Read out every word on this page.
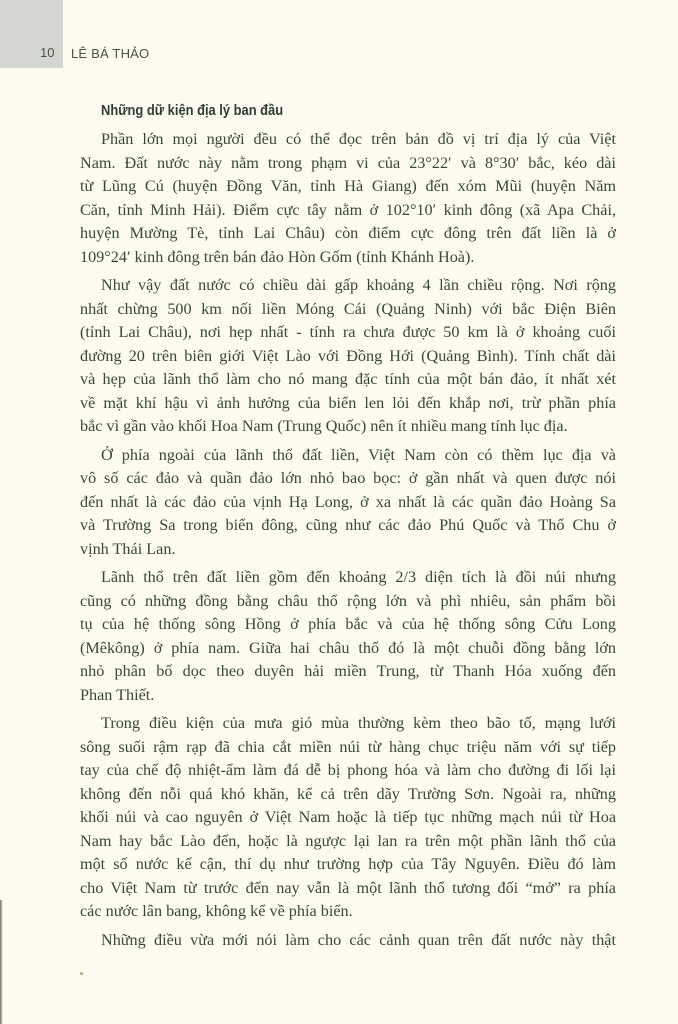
10	LÊ BÁ THẢO
Những dữ kiện địa lý ban đầu
Phần lớn mọi người đều có thể đọc trên bản đồ vị trí địa lý của Việt
Nam. Đất nước này nằm trong phạm vi của 23°22′ và 8°30′ bắc, kéo dài
từ Lũng Cú (huyện Đồng Văn, tỉnh Hà Giang) đến xóm Mũi (huyện Năm
Căn, tỉnh Minh Hải). Điểm cực tây nằm ở 102°10′ kinh đông (xã Apa Chải,
huyện Mường Tè, tỉnh Lai Châu) còn điểm cực đông trên đất liền là ở
109°24′ kinh đông trên bán đảo Hòn Gốm (tỉnh Khánh Hoà).
Như vậy đất nước có chiều dài gấp khoảng 4 lần chiều rộng. Nơi rộng
nhất chừng 500 km nối liền Móng Cái (Quảng Ninh) với bắc Điện Biên
(tỉnh Lai Châu), nơi hẹp nhất - tính ra chưa được 50 km là ở khoảng cuối
đường 20 trên biên giới Việt Lào với Đồng Hới (Quảng Bình). Tính chất dài
và hẹp của lãnh thổ làm cho nó mang đặc tính của một bán đảo, ít nhất xét
về mặt khí hậu vì ảnh hưởng của biển len lỏi đến khắp nơi, trừ phần phía
bắc vì gần vào khối Hoa Nam (Trung Quốc) nên ít nhiều mang tính lục địa.
Ở phía ngoài của lãnh thổ đất liền, Việt Nam còn có thềm lục địa và
vô số các đảo và quần đảo lớn nhỏ bao bọc: ở gần nhất và quen được nói
đến nhất là các đảo của vịnh Hạ Long, ở xa nhất là các quần đảo Hoàng Sa
và Trường Sa trong biển đông, cũng như các đảo Phú Quốc và Thổ Chu ở
vịnh Thái Lan.
Lãnh thổ trên đất liền gồm đến khoảng 2/3 diện tích là đồi núi nhưng
cũng có những đồng bằng châu thổ rộng lớn và phì nhiêu, sản phẩm bồi
tụ của hệ thống sông Hồng ở phía bắc và của hệ thống sông Cửu Long
(Mêkông) ở phía nam. Giữa hai châu thổ đó là một chuỗi đồng bằng lớn
nhỏ phân bố dọc theo duyên hải miền Trung, từ Thanh Hóa xuống đến
Phan Thiết.
Trong điều kiện của mưa gió mùa thường kèm theo bão tố, mạng lưới
sông suối rậm rạp đã chia cắt miền núi từ hàng chục triệu năm với sự tiếp
tay của chế độ nhiệt-ẩm làm đá dễ bị phong hóa và làm cho đường đi lối lại
không đến nỗi quá khó khăn, kể cả trên dãy Trường Sơn. Ngoài ra, những
khối núi và cao nguyên ở Việt Nam hoặc là tiếp tục những mạch núi từ Hoa
Nam hay bắc Lào đến, hoặc là ngược lại lan ra trên một phần lãnh thổ của
một số nước kế cận, thí dụ như trường hợp của Tây Nguyên. Điều đó làm
cho Việt Nam từ trước đến nay vẫn là một lãnh thổ tương đối “mở” ra phía
các nước lân bang, không kể về phía biển.
Những điều vừa mới nói làm cho các cảnh quan trên đất nước này thật
